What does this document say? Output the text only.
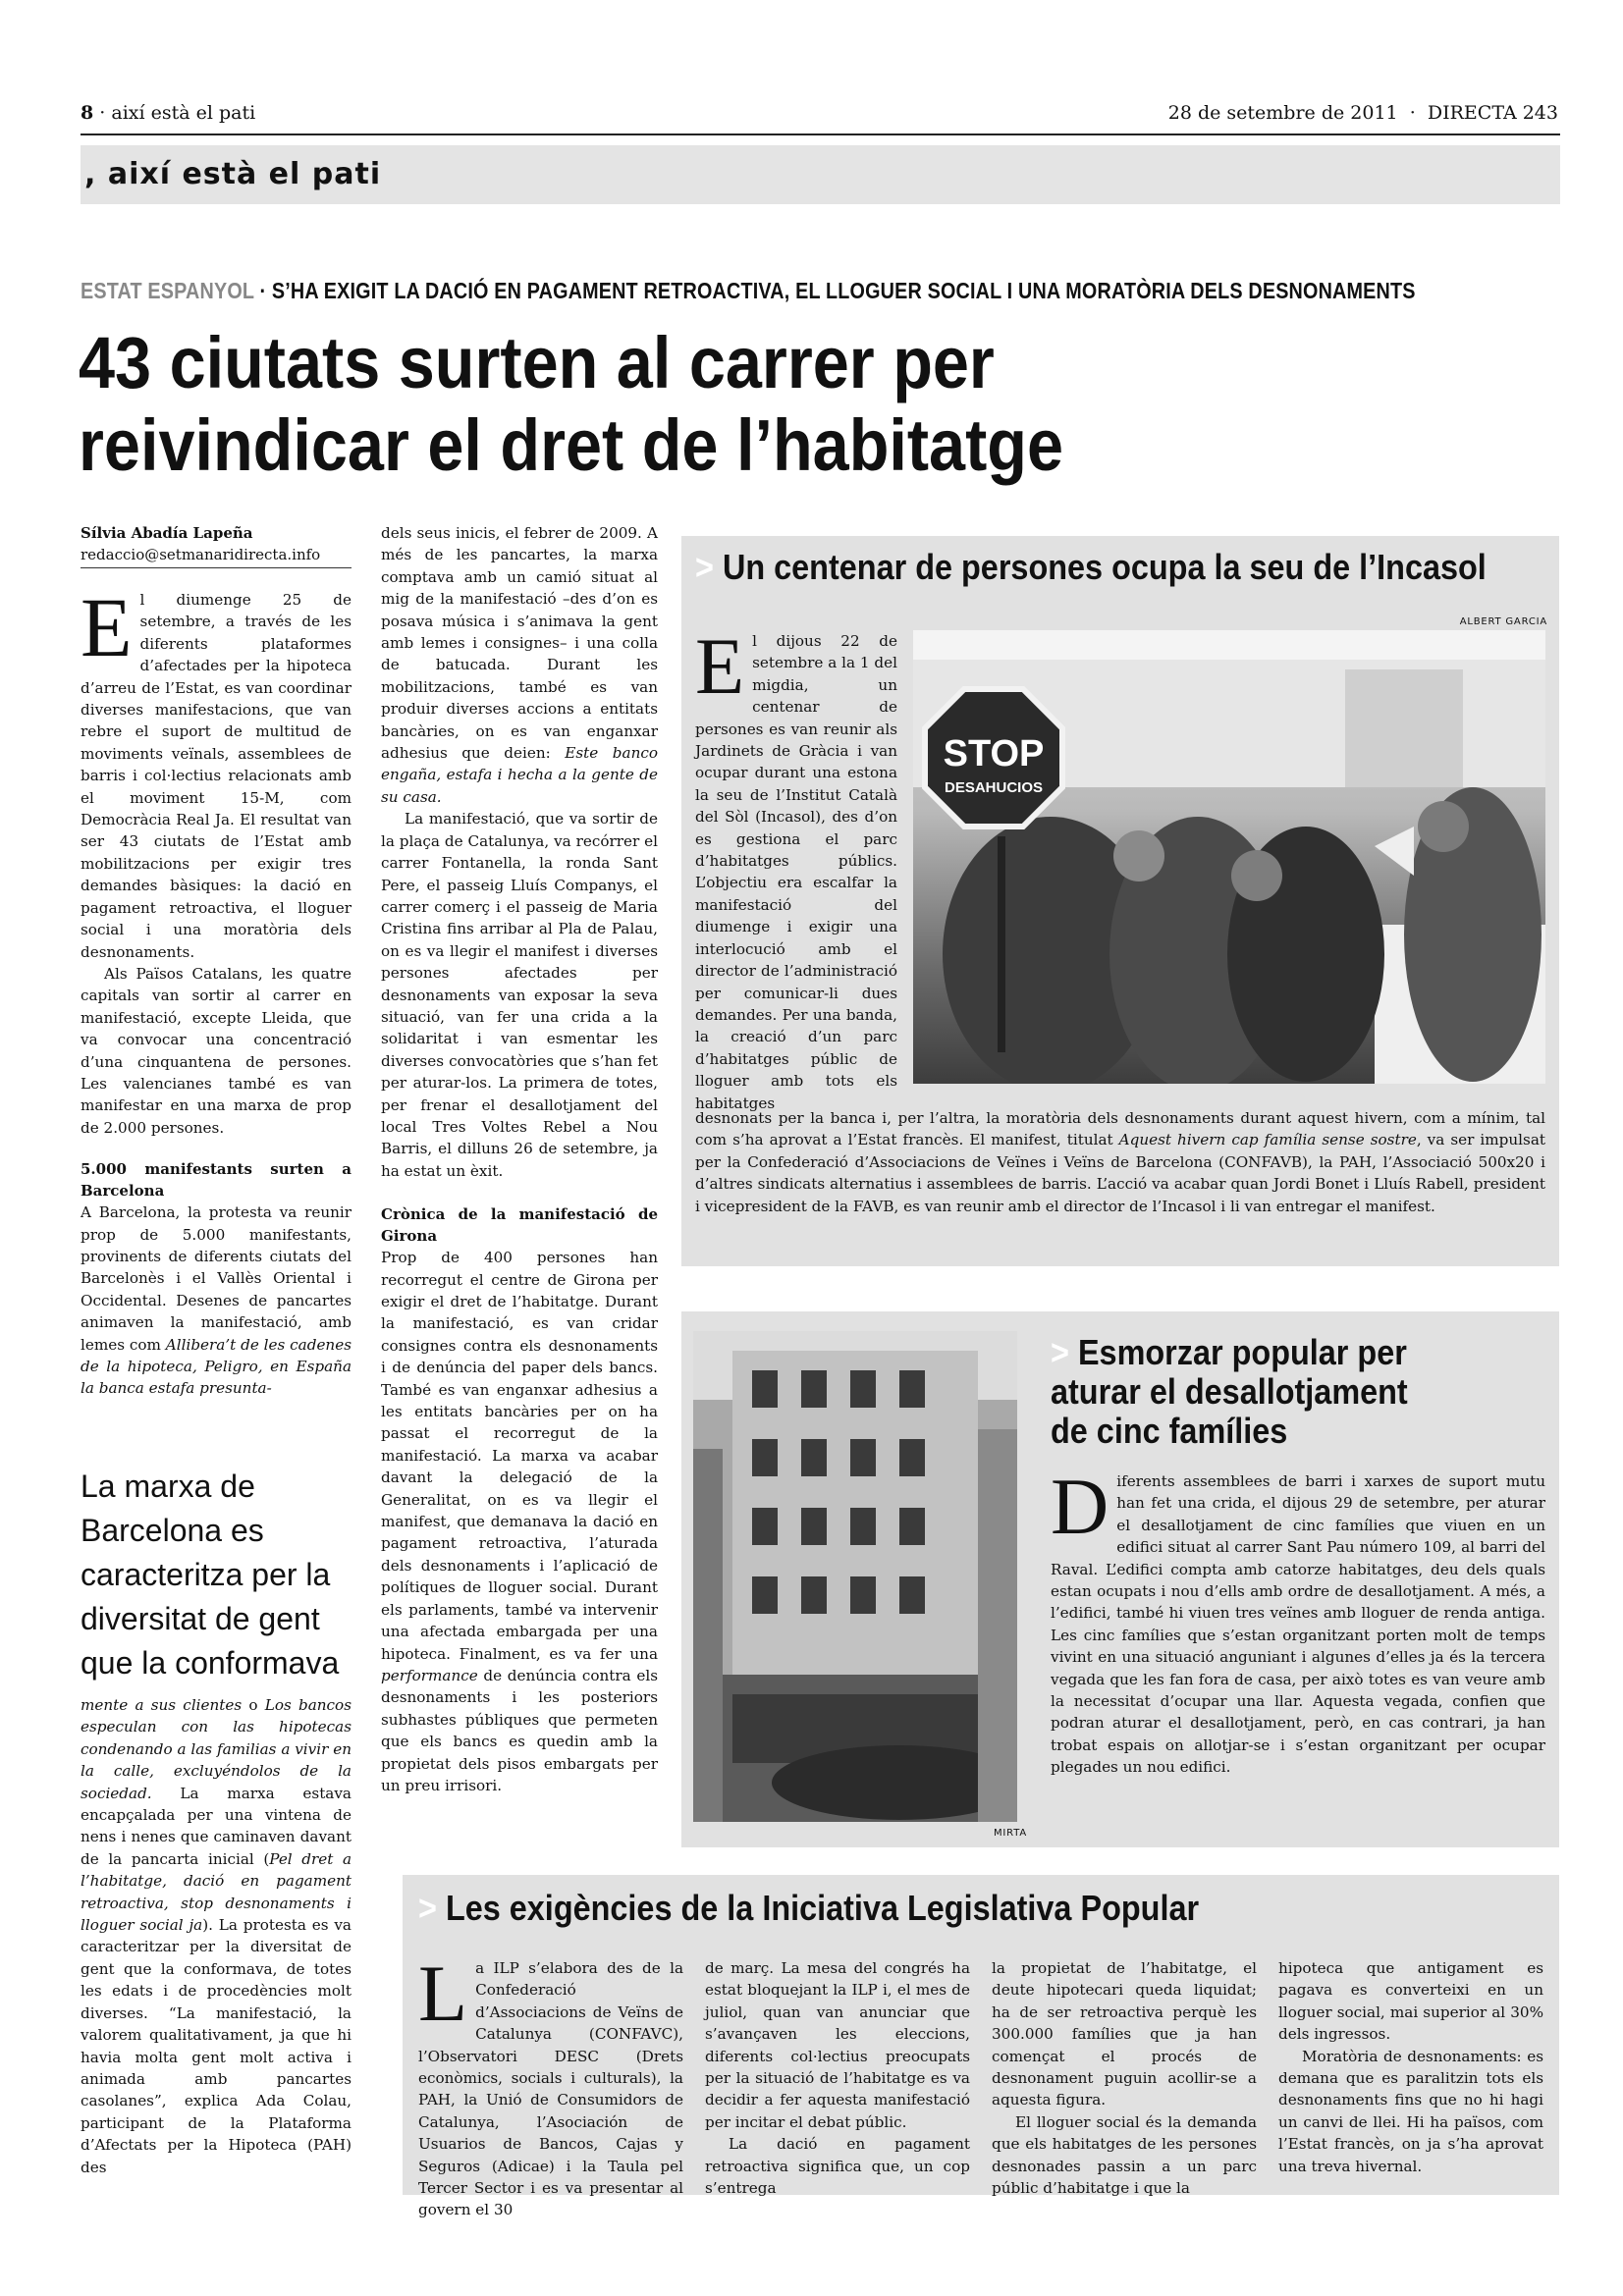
8 · així està el pati	28 de setembre de 2011 · DIRECTA 243
, així està el pati
ESTAT ESPANYOL · S’HA EXIGIT LA DACIÓ EN PAGAMENT RETROACTIVA, EL LLOGUER SOCIAL I UNA MORATÒRIA DELS DESNONAMENTS
43 ciutats surten al carrer per
reivindicar el dret de l’habitatge
Sílvia Abadía Lapeña
redaccio@setmanaridirecta.info
E l diumenge 25 de setembre, a través de les diferents plataformes d’afectades per la hipoteca d’arreu de l’Estat, es van coordinar diverses manifestacions, que van rebre el suport de multitud de moviments veïnals, assemblees de barris i col·lectius relacionats amb el moviment 15-M, com Democràcia Real Ja. El resultat van ser 43 ciutats de l’Estat amb mobilitzacions per exigir tres demandes bàsiques: la dació en pagament retroactiva, el lloguer social i una moratòria dels desnonaments.

Als Països Catalans, les quatre capitals van sortir al carrer en manifestació, excepte Lleida, que va convocar una concentració d’una cinquantena de persones. Les valencianes també es van manifestar en una marxa de prop de 2.000 persones.

5.000 manifestants surten a Barcelona

A Barcelona, la protesta va reunir prop de 5.000 manifestants, provinents de diferents ciutats del Barcelonès i el Vallès Oriental i Occidental. Desenes de pancartes animaven la manifestació, amb lemes com Allibera’t de les cadenes de la hipoteca, Peligro, en España la banca estafa presunta-

La marxa de Barcelona es caracteritza per la diversitat de gent que la conformava

mente a sus clientes o Los bancos especulan con las hipotecas condenando a las familias a vivir en la calle, excluyéndolos de la sociedad. La marxa estava encapçalada per una vintena de nens i nenes que caminaven davant de la pancarta inicial (Pel dret a l’habitatge, dació en pagament retroactiva, stop desnonaments i lloguer social ja). La protesta es va caracteritzar per la diversitat de gent que la conformava, de totes les edats i de procedències molt diverses. “La manifestació, la valorem qualitativament, ja que hi havia molta gent molt activa i animada amb pancartes casolanes”, explica Ada Colau, participant de la Plataforma d’Afectats per la Hipoteca (PAH) des

dels seus inicis, el febrer de 2009. A més de les pancartes, la marxa comptava amb un camió situat al mig de la manifestació –des d’on es posava música i s’animava la gent amb lemes i consignes– i una colla de batucada. Durant les mobilitzacions, també es van produir diverses accions a entitats bancàries, on es van enganxar adhesius que deien: Este banco engaña, estafa i hecha a la gente de su casa.

La manifestació, que va sortir de la plaça de Catalunya, va recórrer el carrer Fontanella, la ronda Sant Pere, el passeig Lluís Companys, el carrer comerç i el passeig de Maria Cristina fins arribar al Pla de Palau, on es va llegir el manifest i diverses persones afectades per desnonaments van exposar la seva situació, van fer una crida a la solidaritat i van esmentar les diverses convocatòries que s’han fet per aturar-los. La primera de totes, per frenar el desallotjament del local Tres Voltes Rebel a Nou Barris, el dilluns 26 de setembre, ja ha estat un èxit.

Crònica de la manifestació de Girona

Prop de 400 persones han recorregut el centre de Girona per exigir el dret de l’habitatge. Durant la manifestació, es van cridar consignes contra els desnonaments i de denúncia del paper dels bancs. També es van enganxar adhesius a les entitats bancàries per on ha passat el recorregut de la manifestació. La marxa va acabar davant la delegació de la Generalitat, on es va llegir el manifest, que demanava la dació en pagament retroactiva, l’aturada dels desnonaments i l’aplicació de polítiques de lloguer social. Durant els parlaments, també va intervenir una afectada embargada per una hipoteca. Finalment, es va fer una performance de denúncia contra els desnonaments i les posteriors subhastes públiques que permeten que els bancs es quedin amb la propietat dels pisos embargats per un preu irrisori.

> Un centenar de persones ocupa la seu de l’Incasol
ALBERT GARCIA
STOP
DESAHUCIOS
E l dijous 22 de setembre a la 1 del migdia, un centenar de persones es van reunir als Jardinets de Gràcia i van ocupar durant una estona la seu de l’Institut Català del Sòl (Incasol), des d’on es gestiona el parc d’habitatges públics. L’objectiu era escalfar la manifestació del diumenge i exigir una interlocució amb el director de l’administració per comunicar-li dues demandes. Per una banda, la creació d’un parc d’habitatges públic de lloguer amb tots els habitatges

desnonats per la banca i, per l’altra, la moratòria dels desnonaments durant aquest hivern, com a mínim, tal com s’ha aprovat a l’Estat francès. El manifest, titulat Aquest hivern cap família sense sostre, va ser impulsat per la Confederació d’Associacions de Veïnes i Veïns de Barcelona (CONFAVB), la PAH, l’Associació 500x20 i d’altres sindicats alternatius i assemblees de barris. L’acció va acabar quan Jordi Bonet i Lluís Rabell, president i vicepresident de la FAVB, es van reunir amb el director de l’Incasol i li van entregar el manifest.

MIRTA
> Esmorzar popular per
aturar el desallotjament
de cinc famílies
D iferents assemblees de barri i xarxes de suport mutu han fet una crida, el dijous 29 de setembre, per aturar el desallotjament de cinc famílies que viuen en un edifici situat al carrer Sant Pau número 109, al barri del Raval. L’edifici compta amb catorze habitatges, deu dels quals estan ocupats i nou d’ells amb ordre de desallotjament. A més, a l’edifici, també hi viuen tres veïnes amb lloguer de renda antiga. Les cinc famílies que s’estan organitzant porten molt de temps vivint en una situació anguniant i algunes d’elles ja és la tercera vegada que les fan fora de casa, per això totes es van veure amb la necessitat d’ocupar una llar. Aquesta vegada, confien que podran aturar el desallotjament, però, en cas contrari, ja han trobat espais on allotjar-se i s’estan organitzant per ocupar plegades un nou edifici.

> Les exigències de la Iniciativa Legislativa Popular
L a ILP s’elabora des de la Confederació d’Associacions de Veïns de Catalunya (CONFAVC), l’Observatori DESC (Drets econòmics, socials i culturals), la PAH, la Unió de Consumidors de Catalunya, l’Asociación de Usuarios de Bancos, Cajas y Seguros (Adicae) i la Taula pel Tercer Sector i es va presentar al govern el 30

de març. La mesa del congrés ha estat bloquejant la ILP i, el mes de juliol, quan van anunciar que s’avançaven les eleccions, diferents col·lectius preocupats per la situació de l’habitatge es va decidir a fer aquesta manifestació per incitar el debat públic.

La dació en pagament retroactiva significa que, un cop s’entrega

la propietat de l’habitatge, el deute hipotecari queda liquidat; ha de ser retroactiva perquè les 300.000 famílies que ja han començat el procés de desnonament puguin acollir-se a aquesta figura.

El lloguer social és la demanda que els habitatges de les persones desnonades passin a un parc públic d’habitatge i que la

hipoteca que antigament es pagava es converteixi en un lloguer social, mai superior al 30% dels ingressos.

Moratòria de desnonaments: es demana que es paralitzin tots els desnonaments fins que no hi hagi un canvi de llei. Hi ha països, com l’Estat francès, on ja s’ha aprovat una treva hivernal.
